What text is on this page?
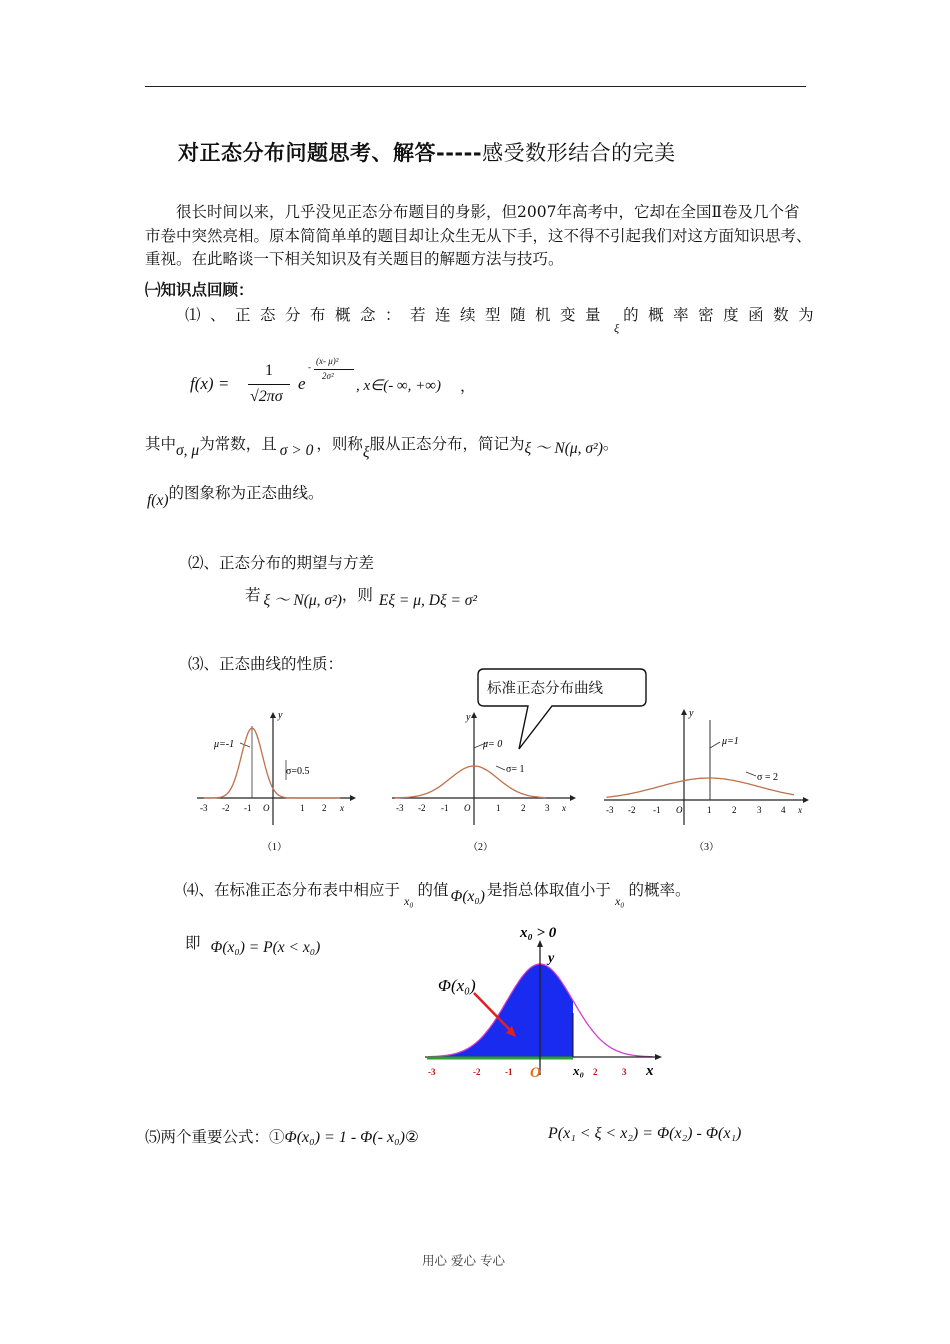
对正态分布问题思考、解答-----感受数形结合的完美
很长时间以来，几乎没见正态分布题目的身影，但2007年高考中，它却在全国Ⅱ卷及几个省市卷中突然亮相。原本简简单单的题目却让众生无从下手，这不得不引起我们对这方面知识思考、重视。在此略谈一下相关知识及有关题目的解题方法与技巧。
㈠知识点回顾：
⑴、正态分布概念：若连续型随机变量$_\xi$的概率密度函数为
f(x) =
1
√2πσ
e
-
(x- μ)²
2σ²
, x∈(- ∞, +∞) ，
其中σ, μ为常数，且 σ > 0 ，则称ξ服从正态分布，简记为ξ ～ N(μ, σ²)。
f(x)的图象称为正态曲线。
⑵、正态分布的期望与方差
若 ξ ～ N(μ, σ²)，则 Eξ = μ, Dξ = σ²
⑶、正态曲线的性质：
y
μ=-1
σ=0.5
-3 -2 -1 O	1 2 x
（1）
y
μ= 0
σ= 1
-3 -2 -1 O	1 2 3 x
（2）
y
μ=1
σ = 2
-3 -2 -1 O	1 2 3 4 x
（3）
标准正态分布曲线
⑷、在标准正态分布表中相应于$_{x_0}$的值 Φ(x₀) 是指总体取值小于$_{x_0}$的概率。
即 Φ(x₀) = P(x < x₀)
x₀ > 0
y
Φ(x₀)
-3	-2	-1 O x₀ 2	3 x
⑸两个重要公式：①Φ(x₀) = 1 - Φ(- x₀)②	P(x₁ < ξ < x₂) = Φ(x₂) - Φ(x₁)
用心 爱心 专心
